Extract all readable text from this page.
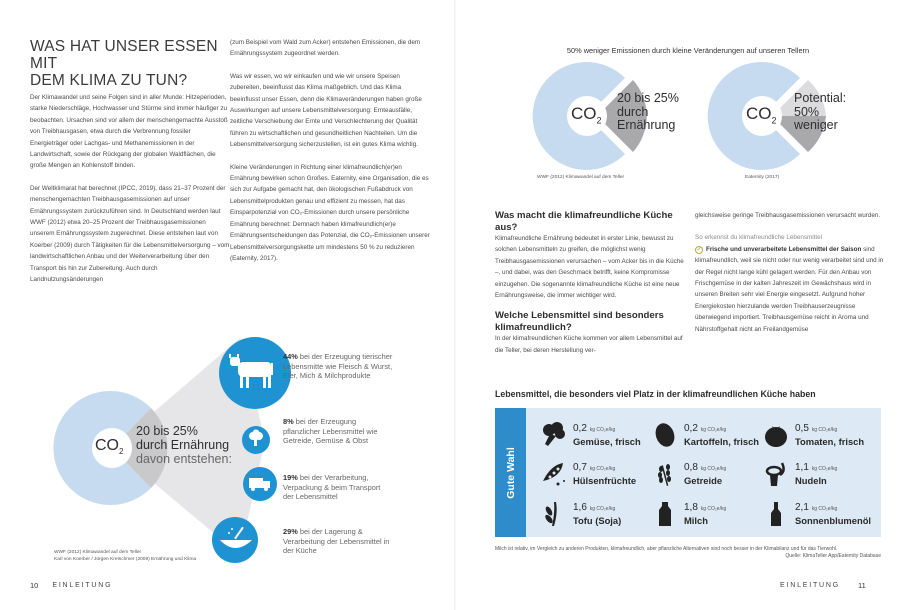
WAS HAT UNSER ESSEN MIT
DEM KLIMA ZU TUN?

Der Klimawandel und seine Folgen sind in aller Munde: Hitzeperioden, starke Niederschläge, Hochwasser und Stürme sind immer häufiger zu beobachten. Ursachen sind vor allem der menschengemachte Ausstoß von Treibhausgasen, etwa durch die Verbrennung fossiler Energieträger oder Lachgas- und Methanemissionen in der Landwirtschaft, sowie der Rückgang der globalen Waldflächen, die große Mengen an Kohlenstoff binden.

Der Weltklimarat hat berechnet (IPCC, 2019), dass 21–37 Prozent der menschengemachten Treibhausgasemissionen auf unser Ernährungssystem zurückzuführen sind. In Deutschland werden laut WWF (2012) etwa 20–25 Prozent der Treibhausgasemissionen unserem Ernährungssystem zugerechnet. Diese entstehen laut von Koerber (2009) durch Tätigkeiten für die Lebensmittelversorgung – vom landwirtschaftlichen Anbau und der Weiterverarbeitung über den Transport bis hin zur Zubereitung. Auch durch Landnutzungsänderungen

(zum Beispiel vom Wald zum Acker) entstehen Emissionen, die dem Ernährungssystem zugeordnet werden.

Was wir essen, wo wir einkaufen und wie wir unsere Speisen zubereiten, beeinflusst das Klima maßgeblich. Und das Klima beeinflusst unser Essen, denn die Klimaveränderungen haben große Auswirkungen auf unsere Lebensmittelversorgung: Ernteausfälle, zeitliche Verschiebung der Ernte und Verschlechterung der Qualität führen zu wirtschaftlichen und gesundheitlichen Nachteilen. Um die Lebensmittelversorgung sicherzustellen, ist ein gutes Klima wichtig.

Kleine Veränderungen in Richtung einer klimafreundlich(er)en Ernährung bewirken schon Großes. Eaternity, eine Organisation, die es sich zur Aufgabe gemacht hat, den ökologischen Fußabdruck von Lebensmittelprodukten genau und effizient zu messen, hat das Einsparpotenzial von CO₂-Emissionen durch unsere persönliche Ernährung berechnet: Demnach haben klimafreundlich(er)e Ernährungsentscheidungen das Potenzial, die CO₂-Emissionen unserer Lebensmittelversorgungskette um mindestens 50 % zu reduzieren (Eaternity, 2017).

$CO_2$
20 bis 25%
durch Ernährung
davon entstehen:
44% bei der Erzeugung tierischer Lebensmitte wie Fleisch & Wurst, Eier, Mich & Milchprodukte
8% bei der Erzeugung pflanzlicher Lebensmittel wie Getreide, Gemüse & Obst
19% bei der Verarbeitung, Verpackung & beim Transport der Lebensmittel
29% bei der Lagerung & Verarbeitung der Lebensmittel in der Küche
WWF (2012) Klimawandel auf dem Teller
Karl von Koerber / Jürgen Kretschmer (2009) Ernährung und Klima
10 EINLEITUNG
50% weniger Emissionen durch kleine Veränderungen auf unseren Tellern
$CO_2$
20 bis 25%
durch
Ernährung
WWF (2012) Klimawandel auf dem Teller
$CO_2$
Potential:
50%
weniger
Eaternity (2017)
Was macht die klimafreundliche Küche aus?
Klimafreundliche Ernährung bedeutet in erster Linie, bewusst zu solchen Lebensmitteln zu greifen, die möglichst wenig Treibhausgasemissionen verursachen – vom Acker bis in die Küche –, und dabei, was den Geschmack betrifft, keine Kompromisse einzugehen. Die sogenannte klimafreundliche Küche ist eine neue Ernährungsweise, die immer wichtiger wird.
Welche Lebensmittel sind besonders klimafreundlich?
In der klimafreundlichen Küche kommen vor allem Lebensmittel auf die Teller, bei deren Herstellung ver-

gleichsweise geringe Treibhausgasemissionen verursacht wurden.

So erkennst du klimafreundliche Lebensmittel
✓ Frische und unverarbeitete Lebensmittel der Saison sind klimafreundlich, weil sie nicht oder nur wenig verarbeitet sind und in der Regel nicht lange kühl gelagert werden. Für den Anbau von Frischgemüse in der kalten Jahreszeit im Gewächshaus wird in unseren Breiten sehr viel Energie eingesetzt. Aufgrund hoher Energiekosten hierzulande werden Treibhauserzeugnisse überwiegend importiert. Treibhausgemüse reicht in Aroma und Nährstoffgehalt nicht an Freilandgemüse
Lebensmittel, die besonders viel Platz in der klimafreundlichen Küche haben
Gute Wahl
0,2 kg CO₂e/kg
Gemüse, frisch
0,2 kg CO₂e/kg
Kartoffeln, frisch
0,5 kg CO₂e/kg
Tomaten, frisch
0,7 kg CO₂e/kg
Hülsenfrüchte
0,8 kg CO₂e/kg
Getreide
1,1 kg CO₂e/kg
Nudeln
1,6 kg CO₂e/kg
Tofu (Soja)
1,8 kg CO₂e/kg
Milch
2,1 kg CO₂e/kg
Sonnenblumenöl
Milch ist relativ, im Vergleich zu anderen Produkten, klimafreundlich, aber pflanzliche Alternativen sind noch besser in der Klimabilanz und für das Tierwohl.
Quelle: KlimaTeller App/Eaternity Database
EINLEITUNG 11
